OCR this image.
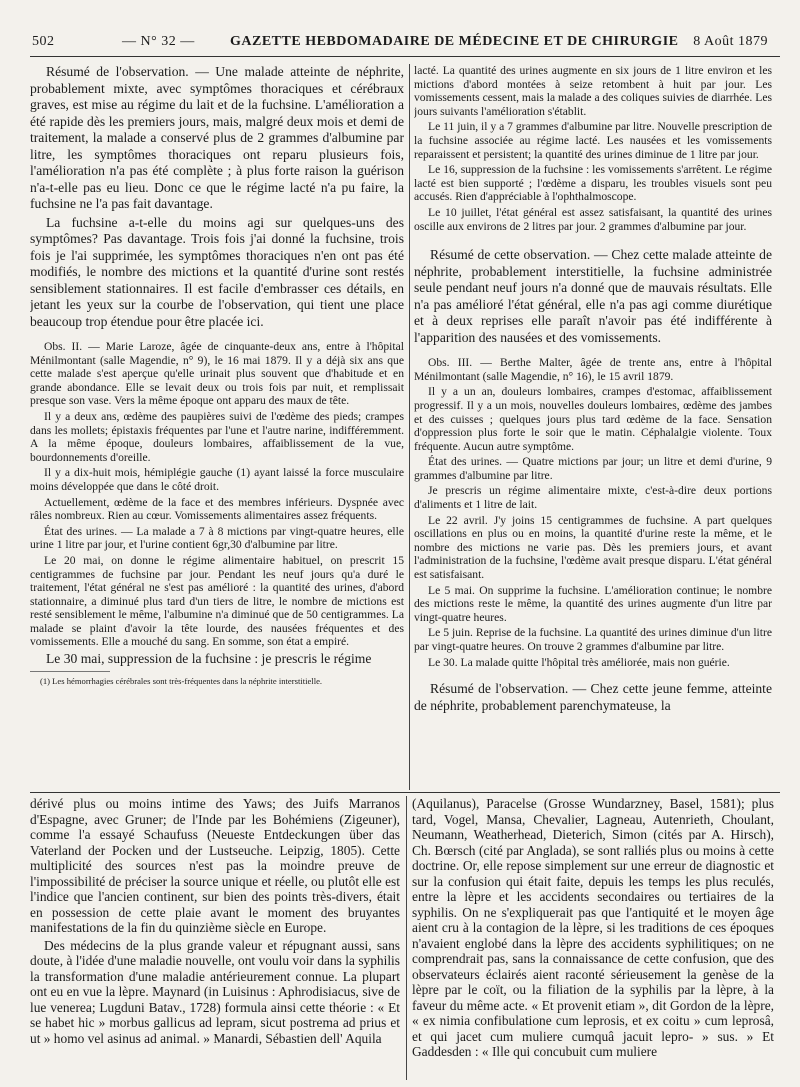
502	— N° 32 —	GAZETTE HEBDOMADAIRE DE MÉDECINE ET DE CHIRURGIE 8 Août 1879

Résumé de l'observation. — Une malade atteinte de néphrite, probablement mixte, avec symptômes thoraciques et cérébraux graves, est mise au régime du lait et de la fuchsine. L'amélioration a été rapide dès les premiers jours, mais, malgré deux mois et demi de traitement, la malade a conservé plus de 2 grammes d'albumine par litre, les symptômes thoraciques ont reparu plusieurs fois, l'amélioration n'a pas été complète ; à plus forte raison la guérison n'a-t-elle pas eu lieu. Donc ce que le régime lacté n'a pu faire, la fuchsine ne l'a pas fait davantage.

La fuchsine a-t-elle du moins agi sur quelques-uns des symptômes? Pas davantage. Trois fois j'ai donné la fuchsine, trois fois je l'ai supprimée, les symptômes thoraciques n'en ont pas été modifiés, le nombre des mictions et la quantité d'urine sont restés sensiblement stationnaires. Il est facile d'embrasser ces détails, en jetant les yeux sur la courbe de l'observation, qui tient une place beaucoup trop étendue pour être placée ici.

Obs. II. — Marie Laroze, âgée de cinquante-deux ans, entre à l'hôpital Ménilmontant (salle Magendie, n° 9), le 16 mai 1879. Il y a déjà six ans que cette malade s'est aperçue qu'elle urinait plus souvent que d'habitude et en grande abondance. Elle se levait deux ou trois fois par nuit, et remplissait presque son vase. Vers la même époque ont apparu des maux de tête.

Il y a deux ans, œdème des paupières suivi de l'œdème des pieds; crampes dans les mollets; épistaxis fréquentes par l'une et l'autre narine, indifféremment. A la même époque, douleurs lombaires, affaiblissement de la vue, bourdonnements d'oreille.

Il y a dix-huit mois, hémiplégie gauche (1) ayant laissé la force musculaire moins développée que dans le côté droit.

Actuellement, œdème de la face et des membres inférieurs. Dyspnée avec râles nombreux. Rien au cœur. Vomissements alimentaires assez fréquents.

État des urines. — La malade a 7 à 8 mictions par vingt-quatre heures, elle urine 1 litre par jour, et l'urine contient 6gr,30 d'albumine par litre.

Le 20 mai, on donne le régime alimentaire habituel, on prescrit 15 centigrammes de fuchsine par jour. Pendant les neuf jours qu'a duré le traitement, l'état général ne s'est pas amélioré : la quantité des urines, d'abord stationnaire, a diminué plus tard d'un tiers de litre, le nombre de mictions est resté sensiblement le même, l'albumine n'a diminué que de 50 centigrammes. La malade se plaint d'avoir la tête lourde, des nausées fréquentes et des vomissements. Elle a mouché du sang. En somme, son état a empiré.

Le 30 mai, suppression de la fuchsine : je prescris le régime

(1) Les hémorrhagies cérébrales sont très-fréquentes dans la néphrite interstitielle.

lacté. La quantité des urines augmente en six jours de 1 litre environ et les mictions d'abord montées à seize retombent à huit par jour. Les vomissements cessent, mais la malade a des coliques suivies de diarrhée. Les jours suivants l'amélioration s'établit.

Le 11 juin, il y a 7 grammes d'albumine par litre. Nouvelle prescription de la fuchsine associée au régime lacté. Les nausées et les vomissements reparaissent et persistent; la quantité des urines diminue de 1 litre par jour.

Le 16, suppression de la fuchsine : les vomissements s'arrêtent. Le régime lacté est bien supporté ; l'œdème a disparu, les troubles visuels sont peu accusés. Rien d'appréciable à l'ophthalmoscope.

Le 10 juillet, l'état général est assez satisfaisant, la quantité des urines oscille aux environs de 2 litres par jour. 2 grammes d'albumine par jour.

Résumé de cette observation. — Chez cette malade atteinte de néphrite, probablement interstitielle, la fuchsine administrée seule pendant neuf jours n'a donné que de mauvais résultats. Elle n'a pas amélioré l'état général, elle n'a pas agi comme diurétique et à deux reprises elle paraît n'avoir pas été indifférente à l'apparition des nausées et des vomissements.

Obs. III. — Berthe Malter, âgée de trente ans, entre à l'hôpital Ménilmontant (salle Magendie, n° 16), le 15 avril 1879.

Il y a un an, douleurs lombaires, crampes d'estomac, affaiblissement progressif. Il y a un mois, nouvelles douleurs lombaires, œdème des jambes et des cuisses ; quelques jours plus tard œdème de la face. Sensation d'oppression plus forte le soir que le matin. Céphalalgie violente. Toux fréquente. Aucun autre symptôme.

État des urines. — Quatre mictions par jour; un litre et demi d'urine, 9 grammes d'albumine par litre.

Je prescris un régime alimentaire mixte, c'est-à-dire deux portions d'aliments et 1 litre de lait.

Le 22 avril. J'y joins 15 centigrammes de fuchsine. A part quelques oscillations en plus ou en moins, la quantité d'urine reste la même, et le nombre des mictions ne varie pas. Dès les premiers jours, et avant l'administration de la fuchsine, l'œdème avait presque disparu. L'état général est satisfaisant.

Le 5 mai. On supprime la fuchsine. L'amélioration continue; le nombre des mictions reste le même, la quantité des urines augmente d'un litre par vingt-quatre heures.

Le 5 juin. Reprise de la fuchsine. La quantité des urines diminue d'un litre par vingt-quatre heures. On trouve 2 grammes d'albumine par litre.

Le 30. La malade quitte l'hôpital très améliorée, mais non guérie.

Résumé de l'observation. — Chez cette jeune femme, atteinte de néphrite, probablement parenchymateuse, la

dérivé plus ou moins intime des Yaws; des Juifs Marranos d'Espagne, avec Gruner; de l'Inde par les Bohémiens (Zigeuner), comme l'a essayé Schaufuss (Neueste Entdeckungen über das Vaterland der Pocken und der Lustseuche. Leipzig, 1805). Cette multiplicité des sources n'est pas la moindre preuve de l'impossibilité de préciser la source unique et réelle, ou plutôt elle est l'indice que l'ancien continent, sur bien des points très-divers, était en possession de cette plaie avant le moment des bruyantes manifestations de la fin du quinzième siècle en Europe.

Des médecins de la plus grande valeur et répugnant aussi, sans doute, à l'idée d'une maladie nouvelle, ont voulu voir dans la syphilis la transformation d'une maladie antérieurement connue. La plupart ont eu en vue la lèpre. Maynard (in Luisinus : Aphrodisiacus, sive de lue venerea; Lugduni Batav., 1728) formula ainsi cette théorie : « Et se habet hic » morbus gallicus ad lepram, sicut postrema ad prius et ut » homo vel asinus ad animal. » Manardi, Sébastien dell' Aquila

(Aquilanus), Paracelse (Grosse Wundarzney, Basel, 1581); plus tard, Vogel, Mansa, Chevalier, Lagneau, Autenrieth, Choulant, Neumann, Weatherhead, Dieterich, Simon (cités par A. Hirsch), Ch. Bœrsch (cité par Anglada), se sont ralliés plus ou moins à cette doctrine. Or, elle repose simplement sur une erreur de diagnostic et sur la confusion qui était faite, depuis les temps les plus reculés, entre la lèpre et les accidents secondaires ou tertiaires de la syphilis. On ne s'expliquerait pas que l'antiquité et le moyen âge aient cru à la contagion de la lèpre, si les traditions de ces époques n'avaient englobé dans la lèpre des accidents syphilitiques; on ne comprendrait pas, sans la connaissance de cette confusion, que des observateurs éclairés aient raconté sérieusement la genèse de la lèpre par le coït, ou la filiation de la syphilis par la lèpre, à la faveur du même acte. « Et provenit etiam », dit Gordon de la lèpre, « ex nimia confibulatione cum leprosis, et ex coitu » cum leprosâ, et qui jacet cum muliere cumquâ jacuit lepro- » sus. » Et Gaddesden : « Ille qui concubuit cum muliere
